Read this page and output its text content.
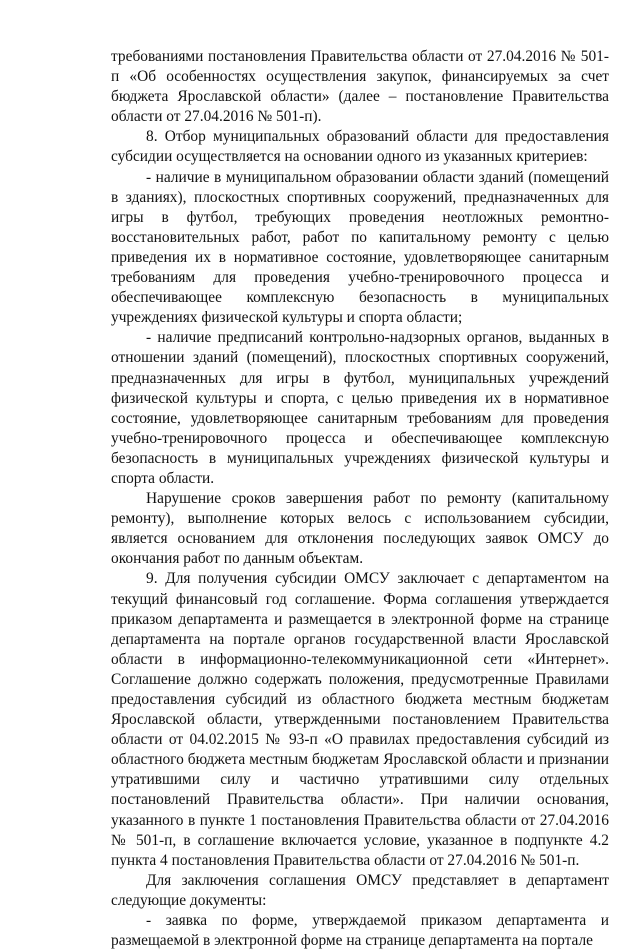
требованиями постановления Правительства области от 27.04.2016 № 501-п «Об особенностях осуществления закупок, финансируемых за счет бюджета Ярославской области» (далее – постановление Правительства области от 27.04.2016 № 501-п).

8. Отбор муниципальных образований области для предоставления субсидии осуществляется на основании одного из указанных критериев:

- наличие в муниципальном образовании области зданий (помещений в зданиях), плоскостных спортивных сооружений, предназначенных для игры в футбол, требующих проведения неотложных ремонтно-восстановительных работ, работ по капитальному ремонту с целью приведения их в нормативное состояние, удовлетворяющее санитарным требованиям для проведения учебно-тренировочного процесса и обеспечивающее комплексную безопасность в муниципальных учреждениях физической культуры и спорта области;

- наличие предписаний контрольно-надзорных органов, выданных в отношении зданий (помещений), плоскостных спортивных сооружений, предназначенных для игры в футбол, муниципальных учреждений физической культуры и спорта, с целью приведения их в нормативное состояние, удовлетворяющее санитарным требованиям для проведения учебно-тренировочного процесса и обеспечивающее комплексную безопасность в муниципальных учреждениях физической культуры и спорта области.

Нарушение сроков завершения работ по ремонту (капитальному ремонту), выполнение которых велось с использованием субсидии, является основанием для отклонения последующих заявок ОМСУ до окончания работ по данным объектам.

9. Для получения субсидии ОМСУ заключает с департаментом на текущий финансовый год соглашение. Форма соглашения утверждается приказом департамента и размещается в электронной форме на странице департамента на портале органов государственной власти Ярославской области в информационно-телекоммуникационной сети «Интернет». Соглашение должно содержать положения, предусмотренные Правилами предоставления субсидий из областного бюджета местным бюджетам Ярославской области, утвержденными постановлением Правительства области от 04.02.2015 № 93-п «О правилах предоставления субсидий из областного бюджета местным бюджетам Ярославской области и признании утратившими силу и частично утратившими силу отдельных постановлений Правительства области». При наличии основания, указанного в пункте 1 постановления Правительства области от 27.04.2016 № 501-п, в соглашение включается условие, указанное в подпункте 4.2 пункта 4 постановления Правительства области от 27.04.2016 № 501-п.

Для заключения соглашения ОМСУ представляет в департамент следующие документы:

- заявка по форме, утверждаемой приказом департамента и размещаемой в электронной форме на странице департамента на портале
